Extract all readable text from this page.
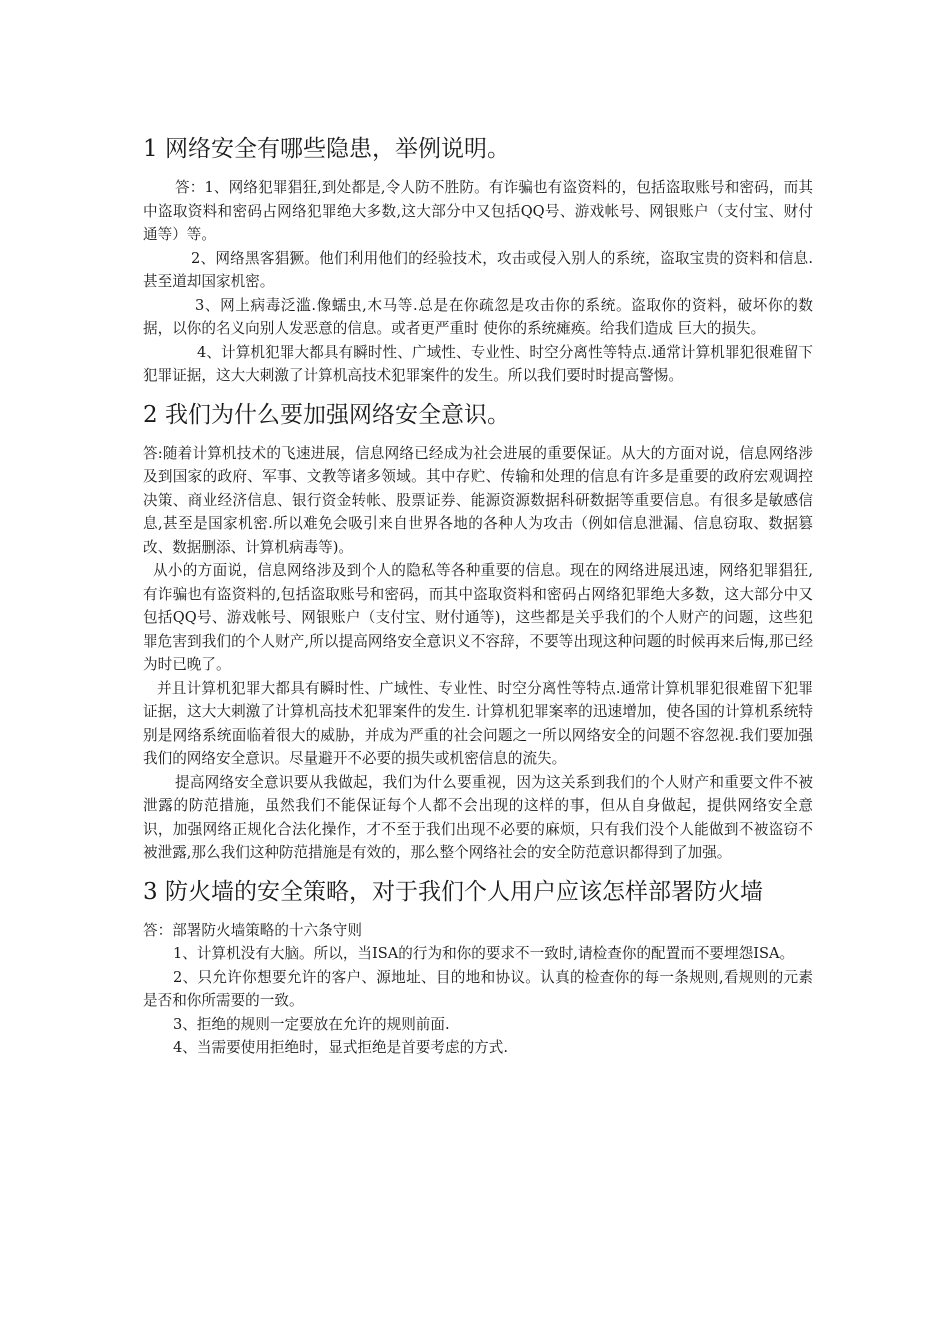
1 网络安全有哪些隐患，举例说明。

答：1、网络犯罪猖狂,到处都是,令人防不胜防。有诈骗也有盗资料的，包括盗取账号和密码，而其中盗取资料和密码占网络犯罪绝大多数,这大部分中又包括QQ号、游戏帐号、网银账户（支付宝、财付通等）等。

2、网络黑客猖獗。他们利用他们的经验技术，攻击或侵入别人的系统，盗取宝贵的资料和信息.甚至道却国家机密。

3、网上病毒泛滥.像蠕虫,木马等.总是在你疏忽是攻击你的系统。盗取你的资料，破坏你的数据，以你的名义向别人发恶意的信息。或者更严重时 使你的系统瘫痪。给我们造成 巨大的损失。

4、计算机犯罪大都具有瞬时性、广域性、专业性、时空分离性等特点.通常计算机罪犯很难留下犯罪证据，这大大刺激了计算机高技术犯罪案件的发生。所以我们要时时提高警惕。

2 我们为什么要加强网络安全意识。

答:随着计算机技术的飞速进展，信息网络已经成为社会进展的重要保证。从大的方面对说，信息网络涉及到国家的政府、军事、文教等诸多领域。其中存贮、传输和处理的信息有许多是重要的政府宏观调控决策、商业经济信息、银行资金转帐、股票证券、能源资源数据科研数据等重要信息。有很多是敏感信息,甚至是国家机密.所以难免会吸引来自世界各地的各种人为攻击（例如信息泄漏、信息窃取、数据篡改、数据删添、计算机病毒等)。

从小的方面说，信息网络涉及到个人的隐私等各种重要的信息。现在的网络进展迅速，网络犯罪猖狂,有诈骗也有盗资料的,包括盗取账号和密码，而其中盗取资料和密码占网络犯罪绝大多数，这大部分中又包括QQ号、游戏帐号、网银账户（支付宝、财付通等)，这些都是关乎我们的个人财产的问题，这些犯罪危害到我们的个人财产,所以提高网络安全意识义不容辞，不要等出现这种问题的时候再来后悔,那已经为时已晚了。

并且计算机犯罪大都具有瞬时性、广域性、专业性、时空分离性等特点.通常计算机罪犯很难留下犯罪证据，这大大刺激了计算机高技术犯罪案件的发生. 计算机犯罪案率的迅速增加，使各国的计算机系统特别是网络系统面临着很大的威胁，并成为严重的社会问题之一所以网络安全的问题不容忽视.我们要加强我们的网络安全意识。尽量避开不必要的损失或机密信息的流失。

提高网络安全意识要从我做起，我们为什么要重视，因为这关系到我们的个人财产和重要文件不被泄露的防范措施，虽然我们不能保证每个人都不会出现的这样的事，但从自身做起，提供网络安全意识，加强网络正规化合法化操作，才不至于我们出现不必要的麻烦，只有我们没个人能做到不被盗窃不被泄露,那么我们这种防范措施是有效的，那么整个网络社会的安全防范意识都得到了加强。

3 防火墙的安全策略，对于我们个人用户应该怎样部署防火墙

答：部署防火墙策略的十六条守则

1、计算机没有大脑。所以，当ISA的行为和你的要求不一致时,请检查你的配置而不要埋怨ISA。

2、只允许你想要允许的客户、源地址、目的地和协议。认真的检查你的每一条规则,看规则的元素是否和你所需要的一致。

3、拒绝的规则一定要放在允许的规则前面.

4、当需要使用拒绝时，显式拒绝是首要考虑的方式.
